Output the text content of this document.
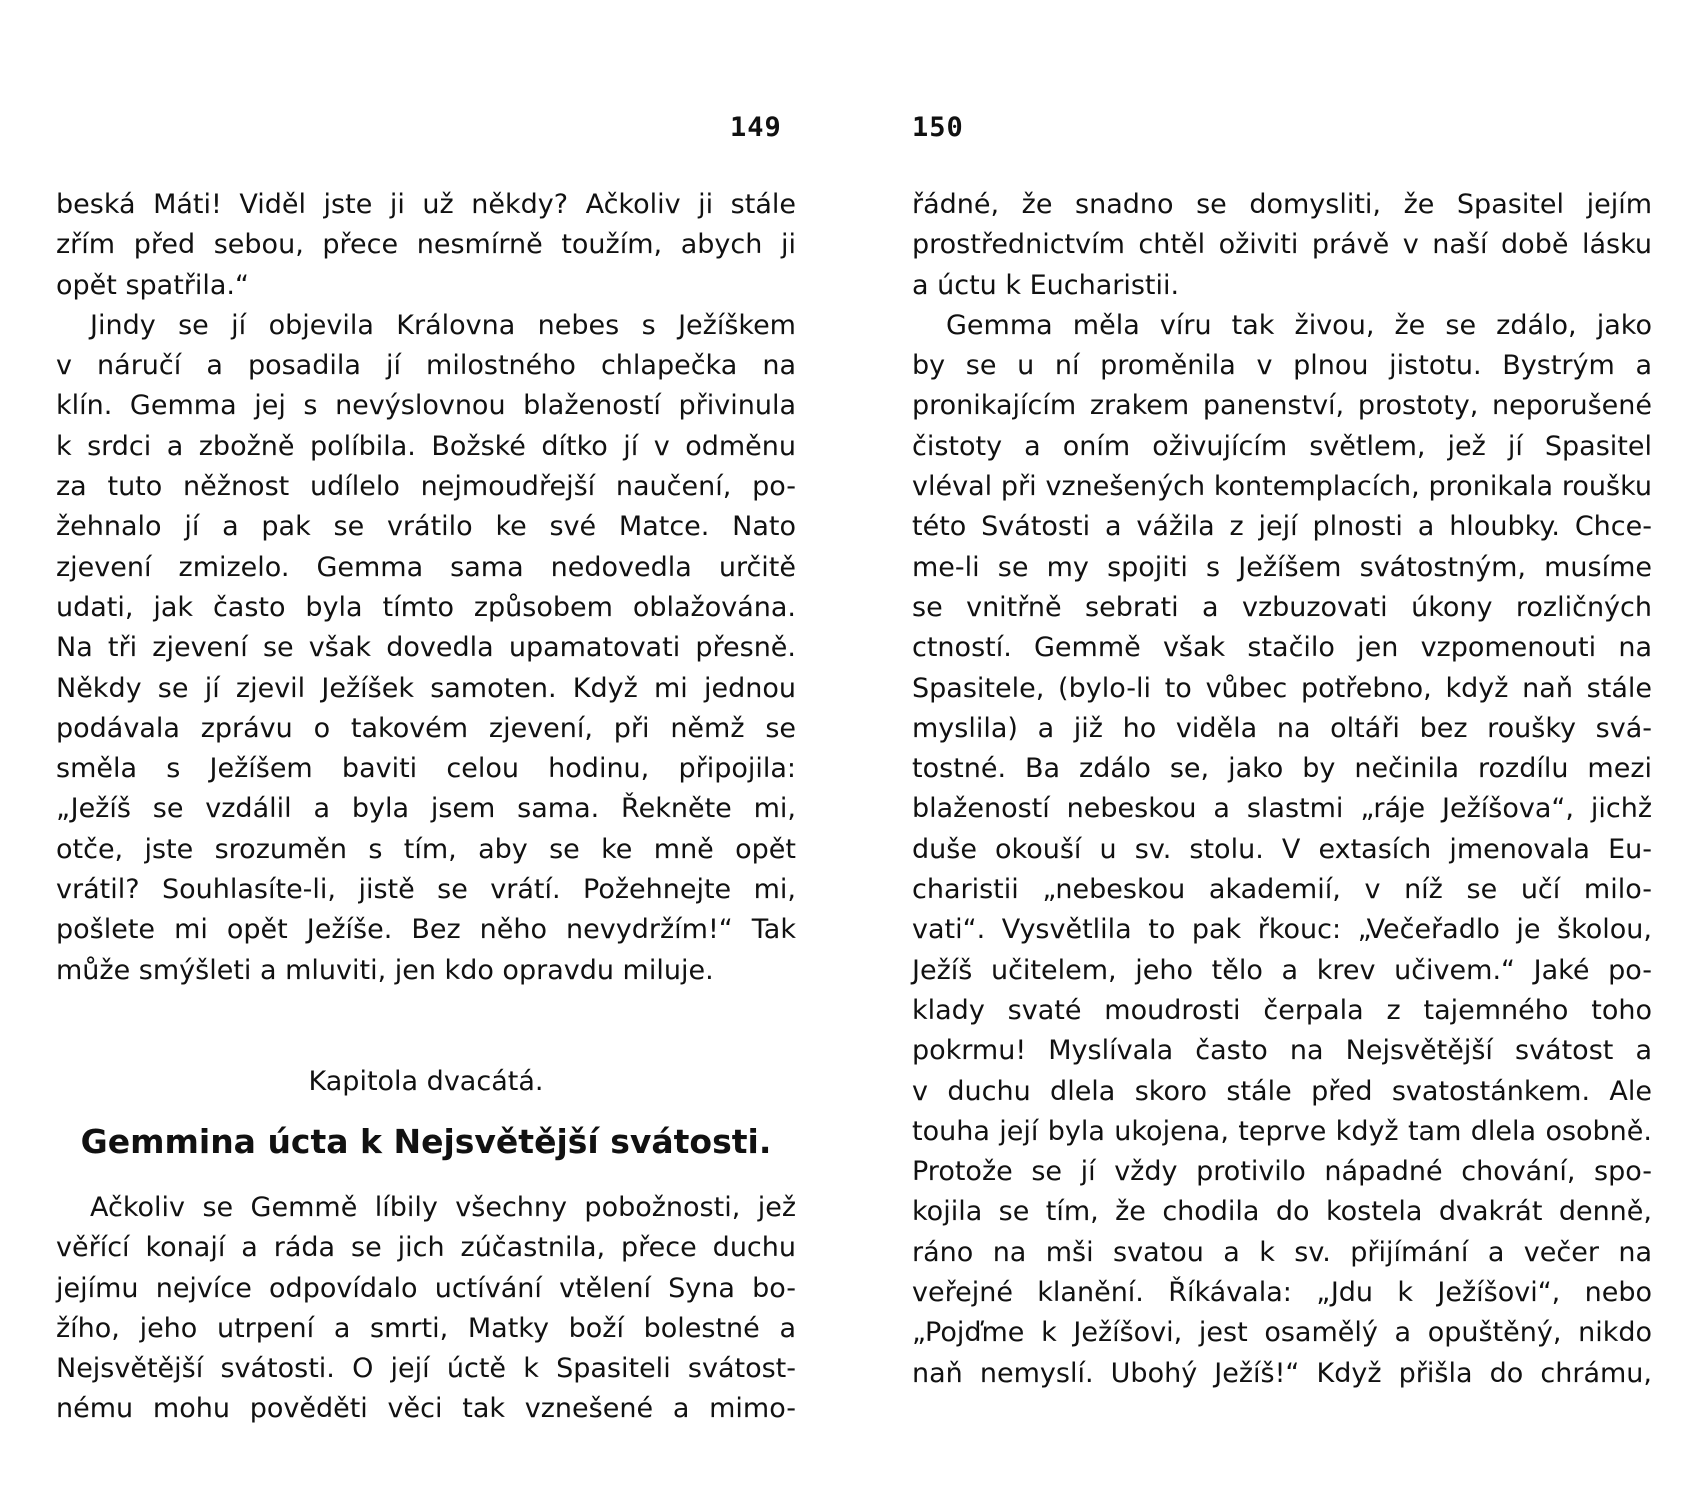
149
beská Máti! Viděl jste ji už někdy? Ačkoliv ji stále
zřím před sebou, přece nesmírně toužím, abych ji
opět spatřila.“
Jindy se jí objevila Královna nebes s Ježíškem
v náručí a posadila jí milostného chlapečka na
klín. Gemma jej s nevýslovnou blažeností přivinula
k srdci a zbožně políbila. Božské dítko jí v odměnu
za tuto něžnost udílelo nejmoudřejší naučení, po-
žehnalo jí a pak se vrátilo ke své Matce. Nato
zjevení zmizelo. Gemma sama nedovedla určitě
udati, jak často byla tímto způsobem oblažována.
Na tři zjevení se však dovedla upamatovati přesně.
Někdy se jí zjevil Ježíšek samoten. Když mi jednou
podávala zprávu o takovém zjevení, při němž se
směla s Ježíšem baviti celou hodinu, připojila:
„Ježíš se vzdálil a byla jsem sama. Řekněte mi,
otče, jste srozuměn s tím, aby se ke mně opět
vrátil? Souhlasíte-li, jistě se vrátí. Požehnejte mi,
pošlete mi opět Ježíše. Bez něho nevydržím!“ Tak
může smýšleti a mluviti, jen kdo opravdu miluje.
Kapitola dvacátá.
Gemmina úcta k Nejsvětější svátosti.
Ačkoliv se Gemmě líbily všechny pobožnosti, jež
věřící konají a ráda se jich zúčastnila, přece duchu
jejímu nejvíce odpovídalo uctívání vtělení Syna bo-
žího, jeho utrpení a smrti, Matky boží bolestné a
Nejsvětější svátosti. O její úctě k Spasiteli svátost-
nému mohu pověděti věci tak vznešené a mimo-
150
řádné, že snadno se domysliti, že Spasitel jejím
prostřednictvím chtěl oživiti právě v naší době lásku
a úctu k Eucharistii.
Gemma měla víru tak živou, že se zdálo, jako
by se u ní proměnila v plnou jistotu. Bystrým a
pronikajícím zrakem panenství, prostoty, neporušené
čistoty a oním oživujícím světlem, jež jí Spasitel
vléval při vznešených kontemplacích, pronikala roušku
této Svátosti a vážila z její plnosti a hloubky. Chce-
me-li se my spojiti s Ježíšem svátostným, musíme
se vnitřně sebrati a vzbuzovati úkony rozličných
ctností. Gemmě však stačilo jen vzpomenouti na
Spasitele, (bylo-li to vůbec potřebno, když naň stále
myslila) a již ho viděla na oltáři bez roušky svá-
tostné. Ba zdálo se, jako by nečinila rozdílu mezi
blažeností nebeskou a slastmi „ráje Ježíšova“, jichž
duše okouší u sv. stolu. V extasích jmenovala Eu-
charistii „nebeskou akademií, v níž se učí milo-
vati“. Vysvětlila to pak řkouc: „Večeřadlo je školou,
Ježíš učitelem, jeho tělo a krev učivem.“ Jaké po-
klady svaté moudrosti čerpala z tajemného toho
pokrmu! Myslívala často na Nejsvětější svátost a
v duchu dlela skoro stále před svatostánkem. Ale
touha její byla ukojena, teprve když tam dlela osobně.
Protože se jí vždy protivilo nápadné chování, spo-
kojila se tím, že chodila do kostela dvakrát denně,
ráno na mši svatou a k sv. přijímání a večer na
veřejné klanění. Říkávala: „Jdu k Ježíšovi“, nebo
„Pojďme k Ježíšovi, jest osamělý a opuštěný, nikdo
naň nemyslí. Ubohý Ježíš!“ Když přišla do chrámu,
